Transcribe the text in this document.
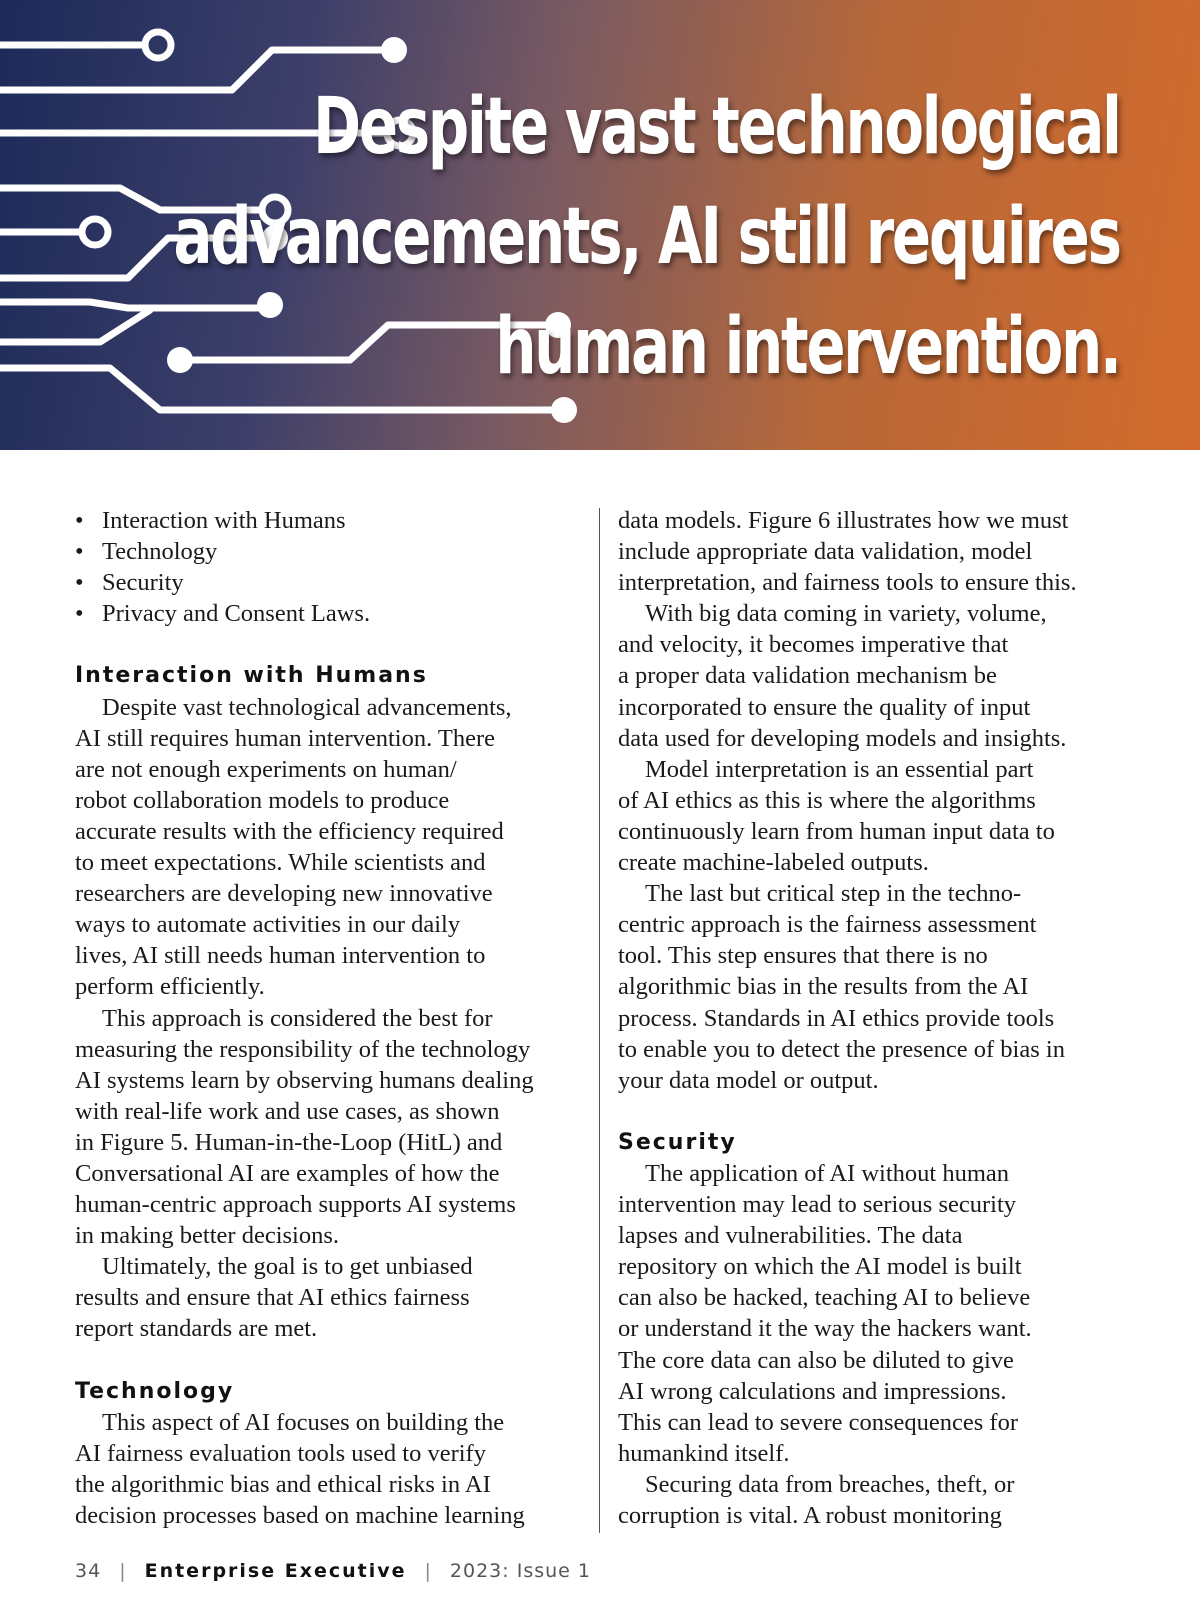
Despite vast technological
advancements, AI still requires
human intervention.
• Interaction with Humans
• Technology
• Security
• Privacy and Consent Laws.
Interaction with Humans

Despite vast technological advancements,
AI still requires human intervention. There
are not enough experiments on human/
robot collaboration models to produce
accurate results with the efficiency required
to meet expectations. While scientists and
researchers are developing new innovative
ways to automate activities in our daily
lives, AI still needs human intervention to
perform efficiently.

This approach is considered the best for
measuring the responsibility of the technology
AI systems learn by observing humans dealing
with real-life work and use cases, as shown
in Figure 5. Human-in-the-Loop (HitL) and
Conversational AI are examples of how the
human-centric approach supports AI systems
in making better decisions.

Ultimately, the goal is to get unbiased
results and ensure that AI ethics fairness
report standards are met.

Technology

This aspect of AI focuses on building the
AI fairness evaluation tools used to verify
the algorithmic bias and ethical risks in AI
decision processes based on machine learning

data models. Figure 6 illustrates how we must
include appropriate data validation, model
interpretation, and fairness tools to ensure this.

With big data coming in variety, volume,
and velocity, it becomes imperative that
a proper data validation mechanism be
incorporated to ensure the quality of input
data used for developing models and insights.

Model interpretation is an essential part
of AI ethics as this is where the algorithms
continuously learn from human input data to
create machine-labeled outputs.

The last but critical step in the techno-
centric approach is the fairness assessment
tool. This step ensures that there is no
algorithmic bias in the results from the AI
process. Standards in AI ethics provide tools
to enable you to detect the presence of bias in
your data model or output.

Security

The application of AI without human
intervention may lead to serious security
lapses and vulnerabilities. The data
repository on which the AI model is built
can also be hacked, teaching AI to believe
or understand it the way the hackers want.
The core data can also be diluted to give
AI wrong calculations and impressions.
This can lead to severe consequences for
humankind itself.

Securing data from breaches, theft, or
corruption is vital. A robust monitoring

34 | Enterprise Executive | 2023: Issue 1
